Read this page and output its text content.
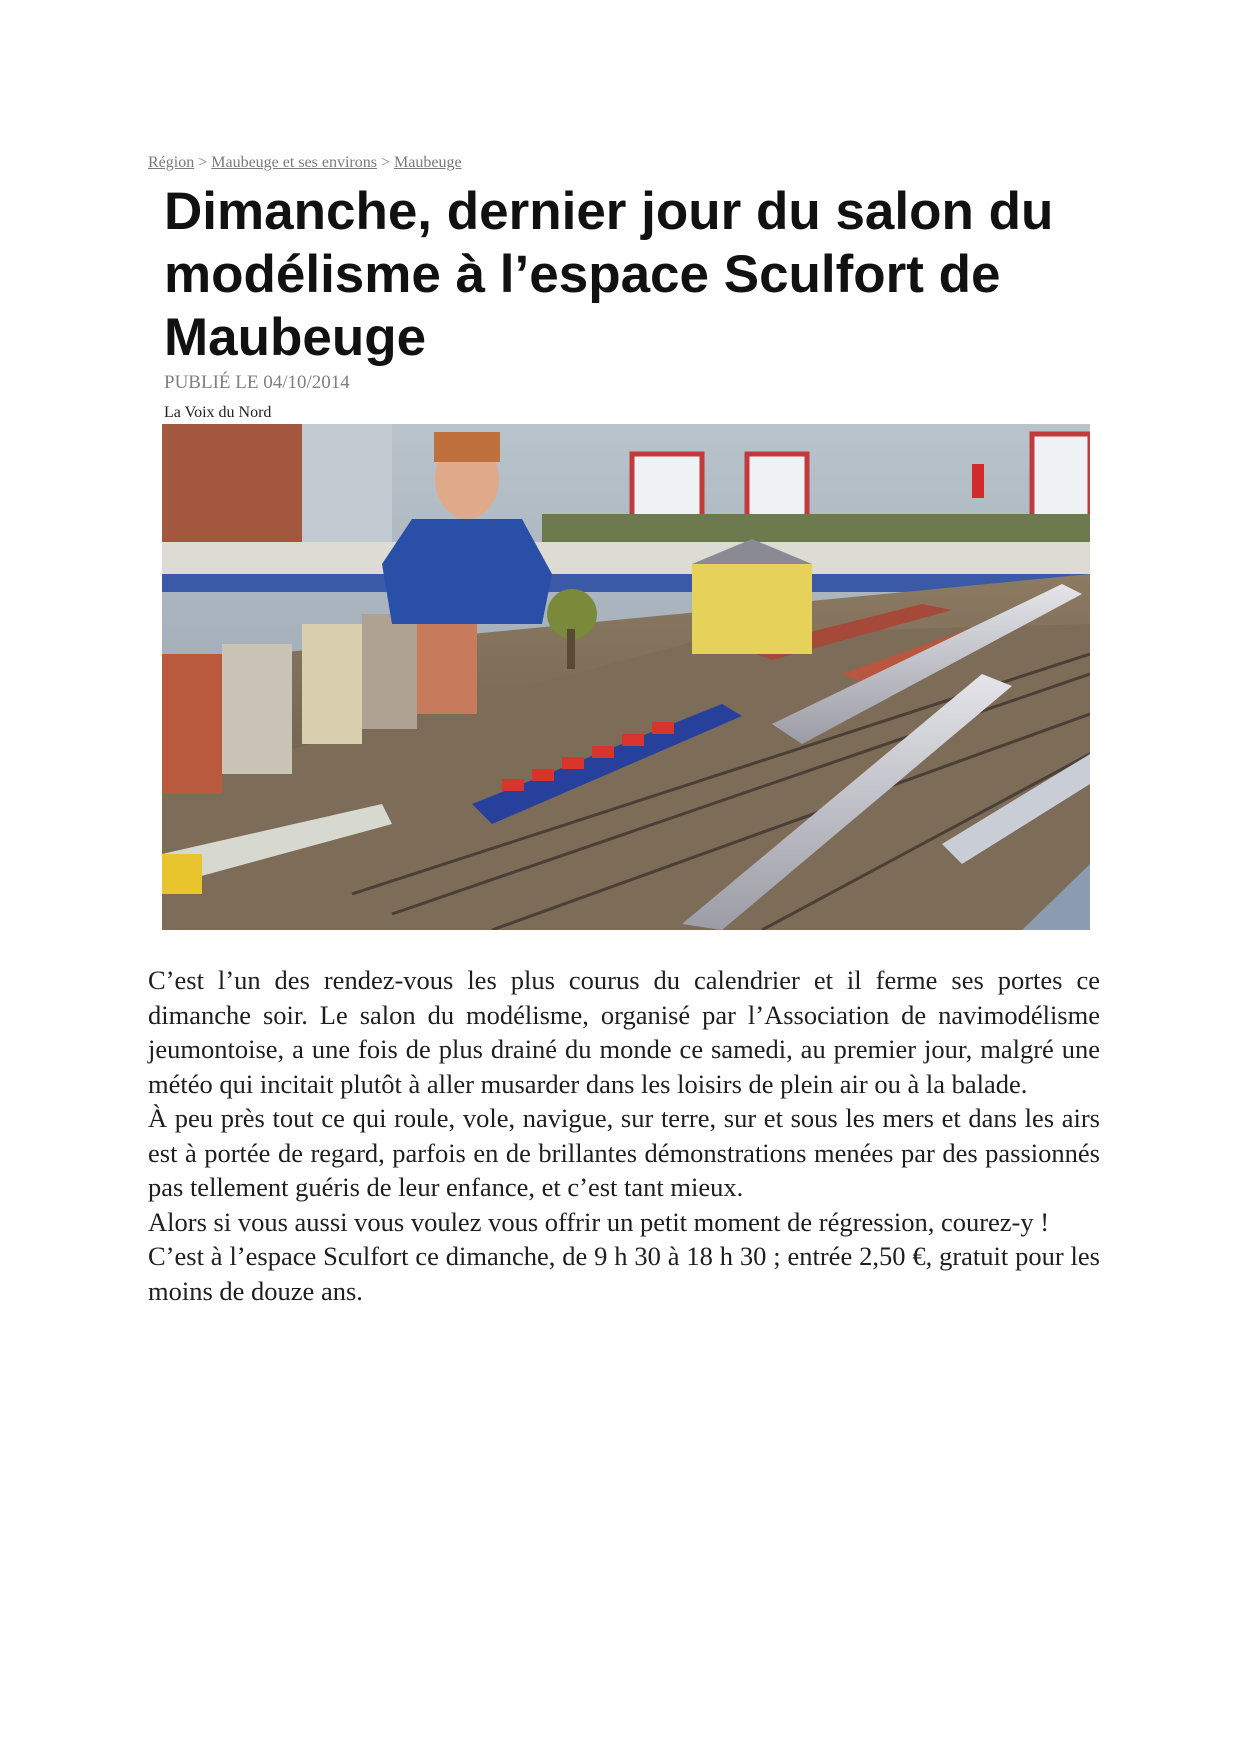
Région > Maubeuge et ses environs > Maubeuge
Dimanche, dernier jour du salon du modélisme à l’espace Sculfort de Maubeuge
PUBLIÉ LE 04/10/2014
La Voix du Nord

C’est l’un des rendez-vous les plus courus du calendrier et il ferme ses portes ce dimanche soir. Le salon du modélisme, organisé par l’Association de navimodélisme jeumontoise, a une fois de plus drainé du monde ce samedi, au premier jour, malgré une météo qui incitait plutôt à aller musarder dans les loisirs de plein air ou à la balade.

À peu près tout ce qui roule, vole, navigue, sur terre, sur et sous les mers et dans les airs est à portée de regard, parfois en de brillantes démonstrations menées par des passionnés pas tellement guéris de leur enfance, et c’est tant mieux.

Alors si vous aussi vous voulez vous offrir un petit moment de régression, courez-y !

C’est à l’espace Sculfort ce dimanche, de 9 h 30 à 18 h 30 ; entrée 2,50 €, gratuit pour les moins de douze ans.
